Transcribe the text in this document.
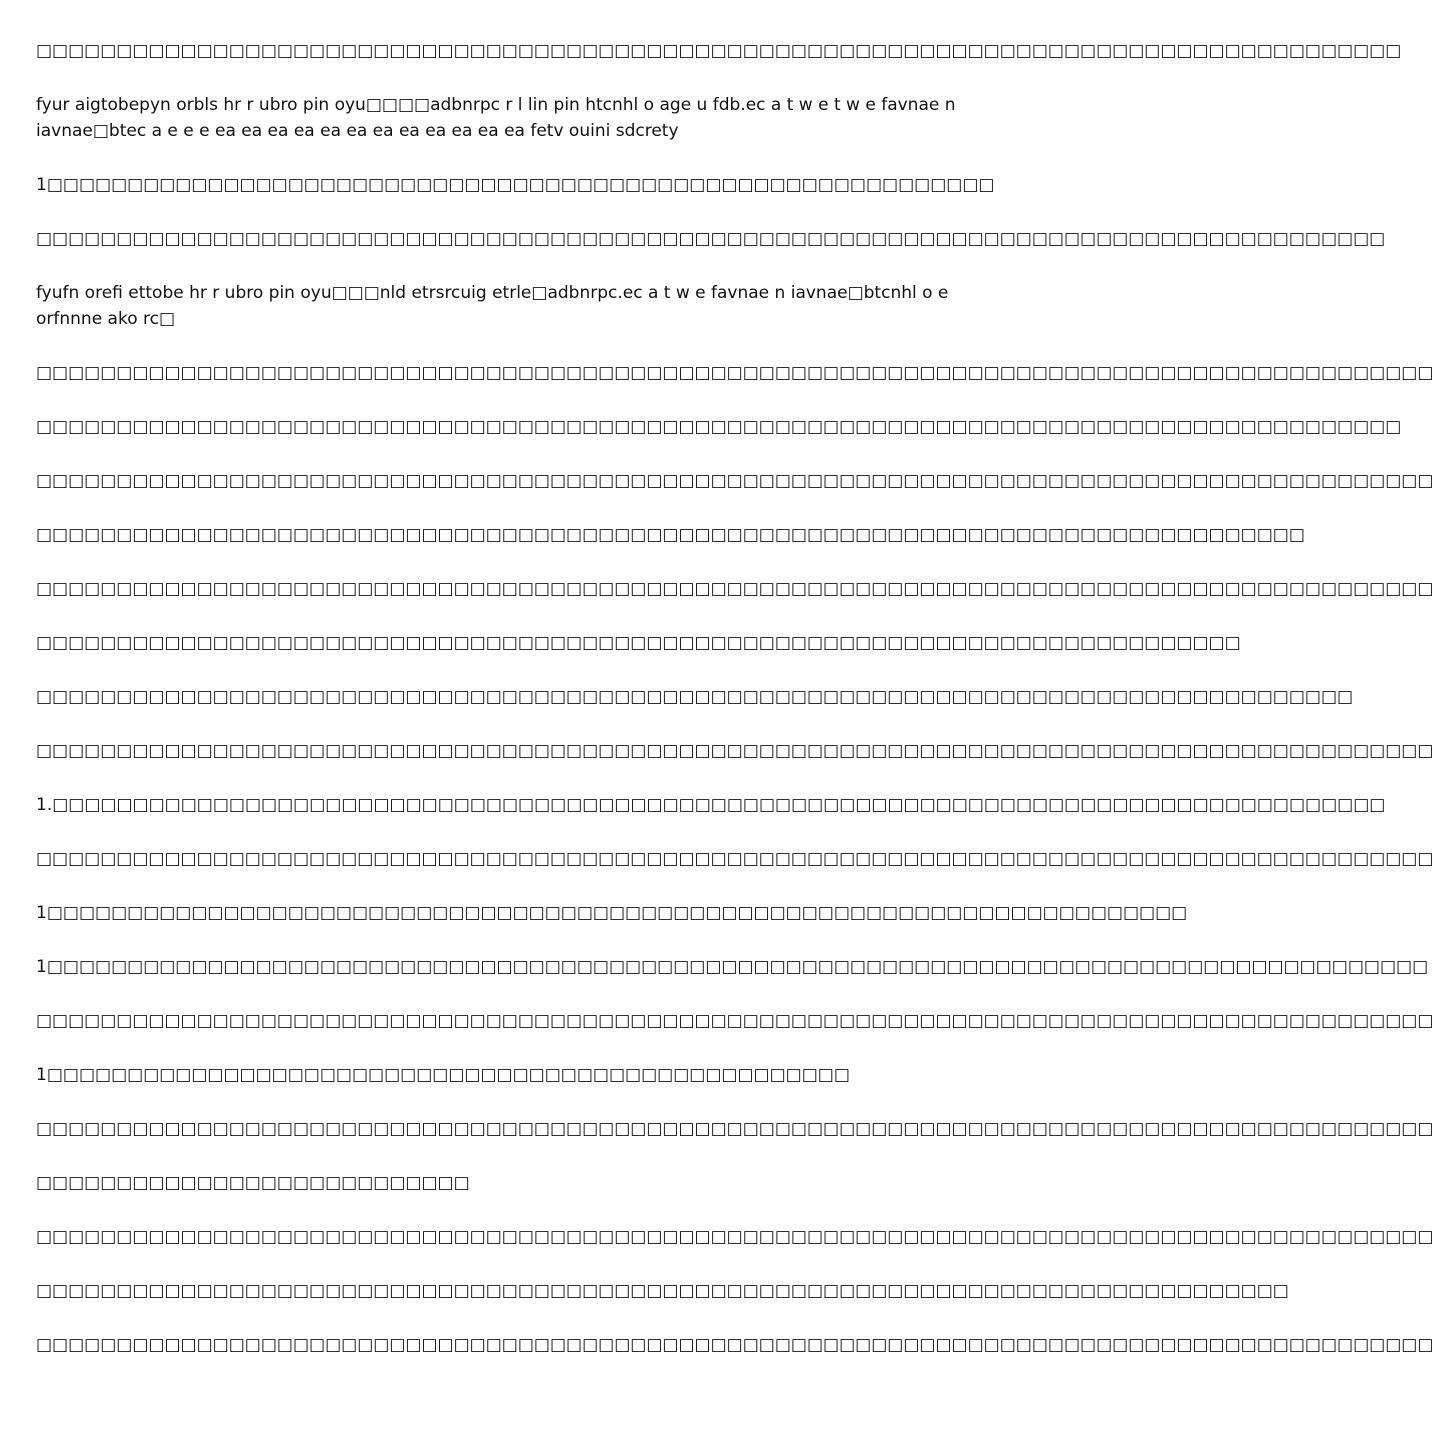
□□□□□□□□□□□□□□□□□□□□□□□□□□□□□□□□□□□□□□□□□□□□□□□□□□□□□□□□□□□□□□□□□□□□□□□□□□□□□□□□□□□□□

fyur aigtobepyn orbls hr r ubro pin oyu□□□□adbnrpc r l lin pin htcnhl o age u fdb.ec a t w e t w e favnae n iavnae□btec a e e e ea ea ea ea ea ea ea ea ea ea ea ea fetv ouini sdcrety

1□□□□□□□□□□□□□□□□□□□□□□□□□□□□□□□□□□□□□□□□□□□□□□□□□□□□□□□□□□□

□□□□□□□□□□□□□□□□□□□□□□□□□□□□□□□□□□□□□□□□□□□□□□□□□□□□□□□□□□□□□□□□□□□□□□□□□□□□□□□□□□□□

fyufn orefi ettobe hr r ubro pin oyu□□□nld etrsrcuig etrle□adbnrpc.ec a t w e favnae n iavnae□btcnhl o e orfnnne ako rc□

□□□□□□□□□□□□□□□□□□□□□□□□□□□□□□□□□□□□□□□□□□□□□□□□□□□□□□□□□□□□□□□□□□□□□□□□□□□□□□□□□□□□□□□

□□□□□□□□□□□□□□□□□□□□□□□□□□□□□□□□□□□□□□□□□□□□□□□□□□□□□□□□□□□□□□□□□□□□□□□□□□□□□□□□□□□□□

□□□□□□□□□□□□□□□□□□□□□□□□□□□□□□□□□□□□□□□□□□□□□□□□□□□□□□□□□□□□□□□□□□□□□□□□□□□□□□□□□□□□□□□

□□□□□□□□□□□□□□□□□□□□□□□□□□□□□□□□□□□□□□□□□□□□□□□□□□□□□□□□□□□□□□□□□□□□□□□□□□□□□□□

□□□□□□□□□□□□□□□□□□□□□□□□□□□□□□□□□□□□□□□□□□□□□□□□□□□□□□□□□□□□□□□□□□□□□□□□□□□□□□□□□□□□□□□

□□□□□□□□□□□□□□□□□□□□□□□□□□□□□□□□□□□□□□□□□□□□□□□□□□□□□□□□□□□□□□□□□□□□□□□□□□□

□□□□□□□□□□□□□□□□□□□□□□□□□□□□□□□□□□□□□□□□□□□□□□□□□□□□□□□□□□□□□□□□□□□□□□□□□□□□□□□□□□

□□□□□□□□□□□□□□□□□□□□□□□□□□□□□□□□□□□□□□□□□□□□□□□□□□□□□□□□□□□□□□□□□□□□□□□□□□□□□□□□□□□□□□□

1.□□□□□□□□□□□□□□□□□□□□□□□□□□□□□□□□□□□□□□□□□□□□□□□□□□□□□□□□□□□□□□□□□□□□□□□□□□□□□□□□□□□

□□□□□□□□□□□□□□□□□□□□□□□□□□□□□□□□□□□□□□□□□□□□□□□□□□□□□□□□□□□□□□□□□□□□□□□□□□□□□□□□□□□□□□□

1□□□□□□□□□□□□□□□□□□□□□□□□□□□□□□□□□□□□□□□□□□□□□□□□□□□□□□□□□□□□□□□□□□□□□□□

1□□□□□□□□□□□□□□□□□□□□□□□□□□□□□□□□□□□□□□□□□□□□□□□□□□□□□□□□□□□□□□□□□□□□□□□□□□□□□□□□□□□□□□

□□□□□□□□□□□□□□□□□□□□□□□□□□□□□□□□□□□□□□□□□□□□□□□□□□□□□□□□□□□□□□□□□□□□□□□□□□□□□□□□□□□□□□□

1□□□□□□□□□□□□□□□□□□□□□□□□□□□□□□□□□□□□□□□□□□□□□□□□□□

□□□□□□□□□□□□□□□□□□□□□□□□□□□□□□□□□□□□□□□□□□□□□□□□□□□□□□□□□□□□□□□□□□□□□□□□□□□□□□□□□□□□□□□

□□□□□□□□□□□□□□□□□□□□□□□□□□□

□□□□□□□□□□□□□□□□□□□□□□□□□□□□□□□□□□□□□□□□□□□□□□□□□□□□□□□□□□□□□□□□□□□□□□□□□□□□□□□□□□□□□□□

□□□□□□□□□□□□□□□□□□□□□□□□□□□□□□□□□□□□□□□□□□□□□□□□□□□□□□□□□□□□□□□□□□□□□□□□□□□□□□

□□□□□□□□□□□□□□□□□□□□□□□□□□□□□□□□□□□□□□□□□□□□□□□□□□□□□□□□□□□□□□□□□□□□□□□□□□□□□□□□□□□□□□□
